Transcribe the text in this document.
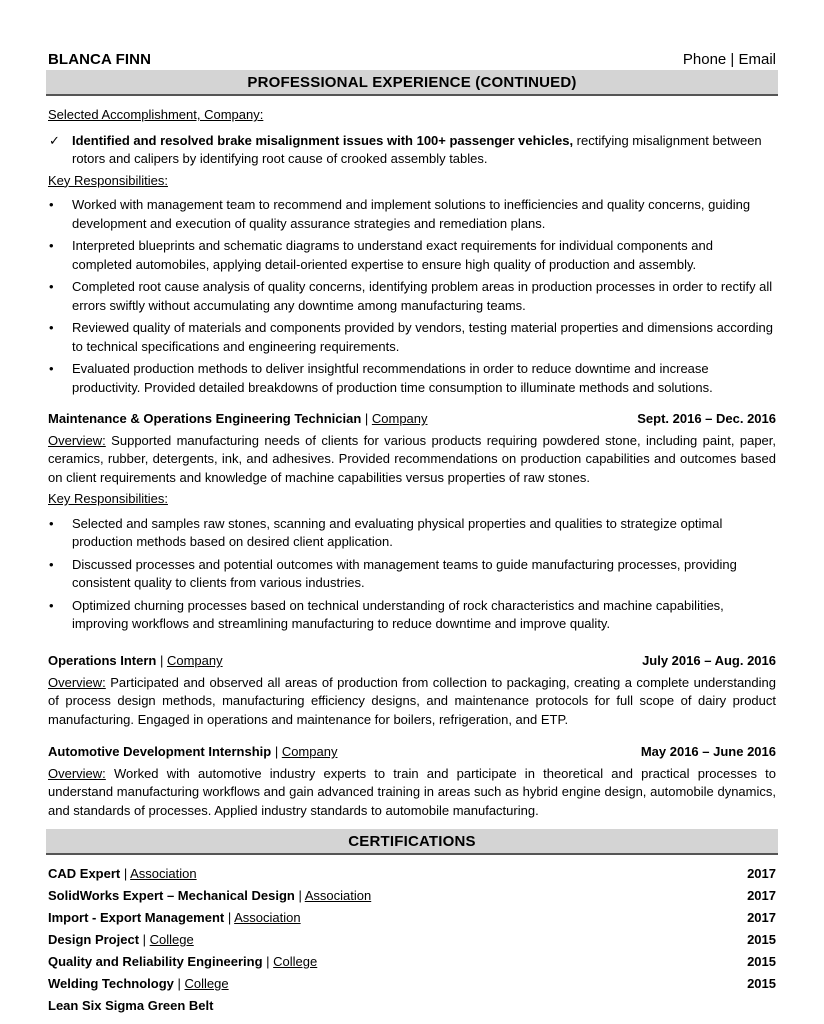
BLANCA FINN	Phone | Email
PROFESSIONAL EXPERIENCE (CONTINUED)
Selected Accomplishment, Company:
✓ Identified and resolved brake misalignment issues with 100+ passenger vehicles, rectifying misalignment between rotors and calipers by identifying root cause of crooked assembly tables.
Key Responsibilities:
• Worked with management team to recommend and implement solutions to inefficiencies and quality concerns, guiding development and execution of quality assurance strategies and remediation plans.
• Interpreted blueprints and schematic diagrams to understand exact requirements for individual components and completed automobiles, applying detail-oriented expertise to ensure high quality of production and assembly.
• Completed root cause analysis of quality concerns, identifying problem areas in production processes in order to rectify all errors swiftly without accumulating any downtime among manufacturing teams.
• Reviewed quality of materials and components provided by vendors, testing material properties and dimensions according to technical specifications and engineering requirements.
• Evaluated production methods to deliver insightful recommendations in order to reduce downtime and increase productivity. Provided detailed breakdowns of production time consumption to illuminate methods and solutions.
Maintenance & Operations Engineering Technician | Company	Sept. 2016 – Dec. 2016
Overview: Supported manufacturing needs of clients for various products requiring powdered stone, including paint, paper, ceramics, rubber, detergents, ink, and adhesives. Provided recommendations on production capabilities and outcomes based on client requirements and knowledge of machine capabilities versus properties of raw stones.
Key Responsibilities:
• Selected and samples raw stones, scanning and evaluating physical properties and qualities to strategize optimal production methods based on desired client application.
• Discussed processes and potential outcomes with management teams to guide manufacturing processes, providing consistent quality to clients from various industries.
• Optimized churning processes based on technical understanding of rock characteristics and machine capabilities, improving workflows and streamlining manufacturing to reduce downtime and improve quality.
Operations Intern | Company	July 2016 – Aug. 2016
Overview: Participated and observed all areas of production from collection to packaging, creating a complete understanding of process design methods, manufacturing efficiency designs, and maintenance protocols for full scope of dairy product manufacturing. Engaged in operations and maintenance for boilers, refrigeration, and ETP.
Automotive Development Internship | Company	May 2016 – June 2016
Overview: Worked with automotive industry experts to train and participate in theoretical and practical processes to understand manufacturing workflows and gain advanced training in areas such as hybrid engine design, automobile dynamics, and standards of processes. Applied industry standards to automobile manufacturing.
CERTIFICATIONS
CAD Expert | Association	2017
SolidWorks Expert – Mechanical Design | Association	2017
Import - Export Management | Association	2017
Design Project | College	2015
Quality and Reliability Engineering | College	2015
Welding Technology | College	2015
Lean Six Sigma Green Belt
